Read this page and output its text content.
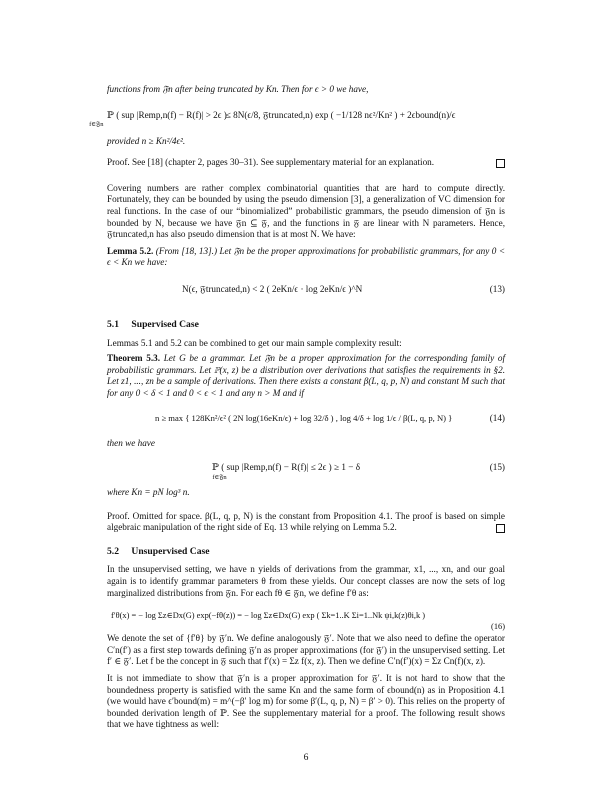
functions from 𝔉n after being truncated by Kn. Then for ϵ > 0 we have,

ℙ ( sup |Remp,n(f) − R(f)| > 2ϵ ) $_{f\in 𝔉n}$ ≤ 8N(ϵ/8, 𝔉truncated,n) exp ( −1/128 nϵ²/Kn² ) + 2ϵbound(n)/ϵ

provided n ≥ Kn²/4ϵ².

Proof. See [18] (chapter 2, pages 30–31). See supplementary material for an explanation.

Covering numbers are rather complex combinatorial quantities that are hard to compute directly. Fortunately, they can be bounded by using the pseudo dimension [3], a generalization of VC dimension for real functions. In the case of our “binomialized” probabilistic grammars, the pseudo dimension of 𝔉n is bounded by N, because we have 𝔉n ⊆ 𝔉, and the functions in 𝔉 are linear with N parameters. Hence, 𝔉truncated,n has also pseudo dimension that is at most N. We have:

Lemma 5.2. (From [18, 13].) Let 𝔉n be the proper approximations for probabilistic grammars, for any 0 < ϵ < Kn we have:

N(ϵ, 𝔉truncated,n) < 2 ( 2eKn/ϵ · log 2eKn/ϵ )^N	(13)
5.1 Supervised Case

Lemmas 5.1 and 5.2 can be combined to get our main sample complexity result:

Theorem 5.3. Let G be a grammar. Let 𝔉n be a proper approximation for the corresponding family of probabilistic grammars. Let ℙ(x, z) be a distribution over derivations that satisfies the requirements in §2. Let z1, ..., zn be a sample of derivations. Then there exists a constant β(L, q, p, N) and constant M such that for any 0 < δ < 1 and 0 < ϵ < 1 and any n > M and if

n ≥ max { 128Kn²/ϵ² ( 2N log(16eKn/ϵ) + log 32/δ ) , log 4/δ + log 1/ϵ / β(L, q, p, N) }	(14)

then we have

ℙ ( sup |Remp,n(f) − R(f)| ≤ 2ϵ ) ≥ 1 − δ $_{f\in 𝔉n}$
(15)

where Kn = pN log³ n.

Proof. Omitted for space. β(L, q, p, N) is the constant from Proposition 4.1. The proof is based on simple algebraic manipulation of the right side of Eq. 13 while relying on Lemma 5.2.
5.2 Unsupervised Case

In the unsupervised setting, we have n yields of derivations from the grammar, x1, ..., xn, and our goal again is to identify grammar parameters θ from these yields. Our concept classes are now the sets of log marginalized distributions from 𝔉n. For each fθ ∈ 𝔉n, we define f′θ as:

f′θ(x) = − log Σz∈Dx(G) exp(−fθ(z)) = − log Σz∈Dx(G) exp ( Σk=1..K Σi=1..Nk ψi,k(z)θi,k )
(16)

We denote the set of {f′θ} by 𝔉′n. We define analogously 𝔉′. Note that we also need to define the operator C′n(f′) as a first step towards defining 𝔉′n as proper approximations (for 𝔉′) in the unsupervised setting. Let f′ ∈ 𝔉′. Let f be the concept in 𝔉 such that f′(x) = Σz f(x, z). Then we define C′n(f′)(x) = Σz Cn(f)(x, z).

It is not immediate to show that 𝔉′n is a proper approximation for 𝔉′. It is not hard to show that the boundedness property is satisfied with the same Kn and the same form of ϵbound(n) as in Proposition 4.1 (we would have ϵ′bound(m) = m^(−β′ log m) for some β′(L, q, p, N) = β′ > 0). This relies on the property of bounded derivation length of ℙ. See the supplementary material for a proof. The following result shows that we have tightness as well:

6
